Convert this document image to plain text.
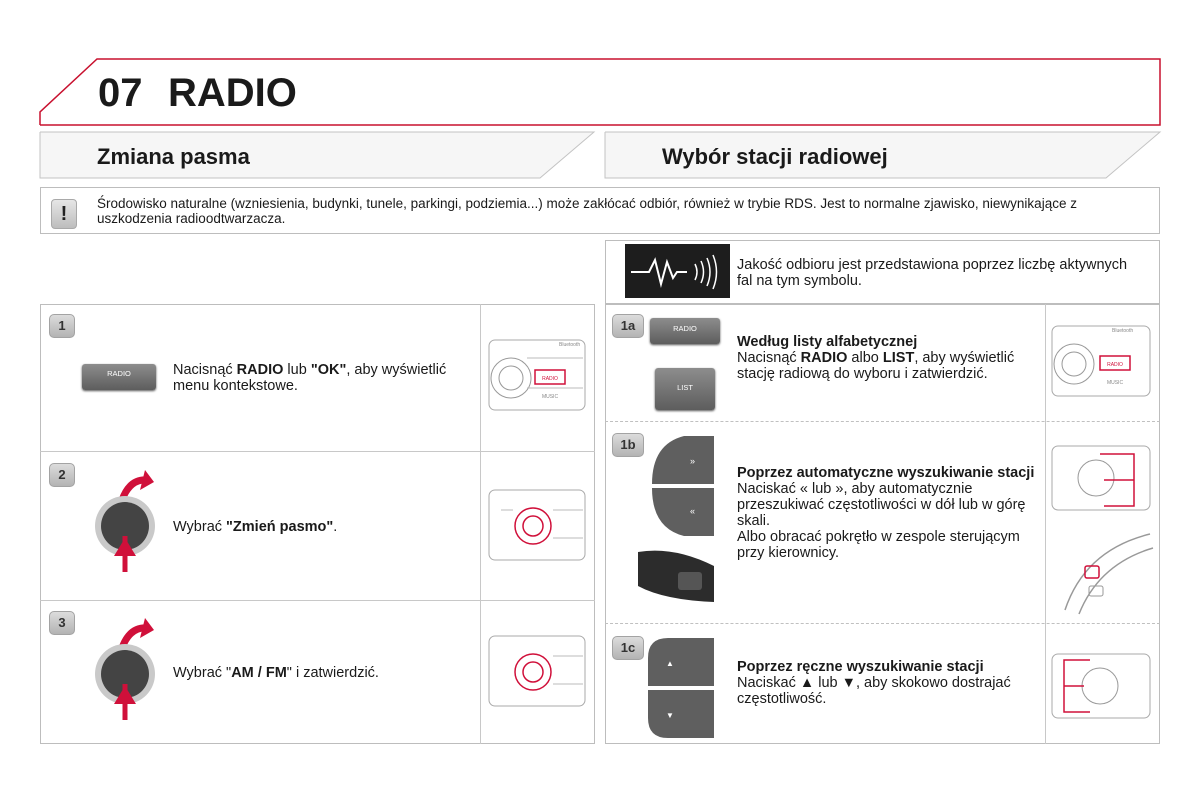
07 RADIO
Zmiana pasma	Wybór stacji radiowej
!	Środowisko naturalne (wzniesienia, budynki, tunele, parkingi, podziemia...) może zakłócać odbiór, również w trybie RDS. Jest to normalne zjawisko, niewynikające z uszkodzenia radioodtwarzacza.
1
RADIO	Nacisnąć RADIO lub "OK", aby wyświetlić menu kontekstowe.
2
Wybrać "Zmień pasmo".
3
Wybrać "AM / FM" i zatwierdzić.
RADIO
MUSIC
Bluetooth
Jakość odbioru jest przedstawiona poprzez liczbę aktywnych fal na tym symbolu.
1a	RADIO
LIST
Według listy alfabetycznej
Nacisnąć RADIO albo LIST, aby wyświetlić stację radiową do wyboru i zatwierdzić.
1b
»
«
Poprzez automatyczne wyszukiwanie stacji
Naciskać « lub », aby automatycznie przeszukiwać częstotliwości w dół lub w górę skali.
Albo obracać pokrętło w zespole sterującym przy kierownicy.
1c
▲
▼
Poprzez ręczne wyszukiwanie stacji
Naciskać ▲ lub ▼, aby skokowo dostrajać częstotliwość.
RADIO
MUSIC
Bluetooth
